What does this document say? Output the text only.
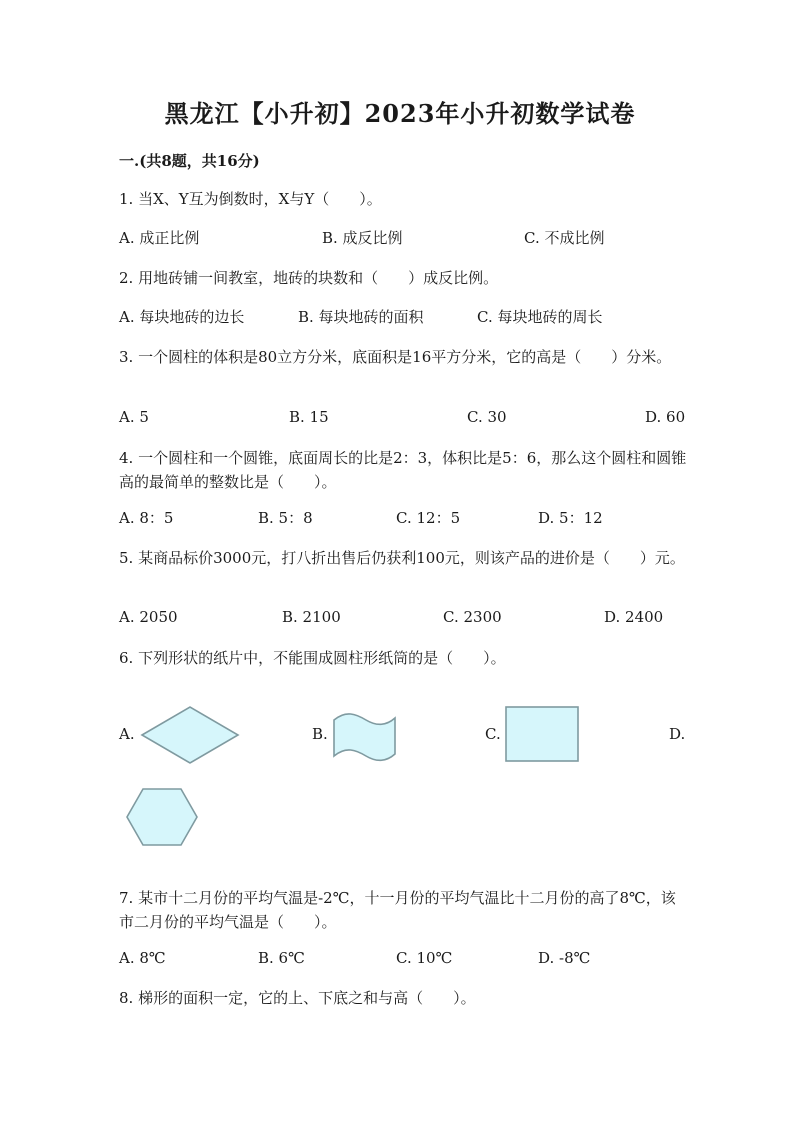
黑龙江【小升初】2023年小升初数学试卷
一.(共8题，共16分)
1. 当X、Y互为倒数时，X与Y（　　）。
A. 成正比例	B. 成反比例	C. 不成比例
2. 用地砖铺一间教室，地砖的块数和（　　）成反比例。
A. 每块地砖的边长	B. 每块地砖的面积	C. 每块地砖的周长
3. 一个圆柱的体积是80立方分米，底面积是16平方分米，它的高是（　　）分米。
A. 5	B. 15	C. 30	D. 60
4. 一个圆柱和一个圆锥，底面周长的比是2：3，体积比是5：6，那么这个圆柱和圆锥高的最简单的整数比是（　　）。
A. 8：5	B. 5：8	C. 12：5	D. 5：12
5. 某商品标价3000元，打八折出售后仍获利100元，则该产品的进价是（　　）元。
A. 2050	B. 2100	C. 2300	D. 2400
6. 下列形状的纸片中，不能围成圆柱形纸筒的是（　　）。
A.	B.	C.	D.
7. 某市十二月份的平均气温是-2℃，十一月份的平均气温比十二月份的高了8℃，该市二月份的平均气温是（　　）。
A. 8℃	B. 6℃	C. 10℃	D. -8℃
8. 梯形的面积一定，它的上、下底之和与高（　　）。
